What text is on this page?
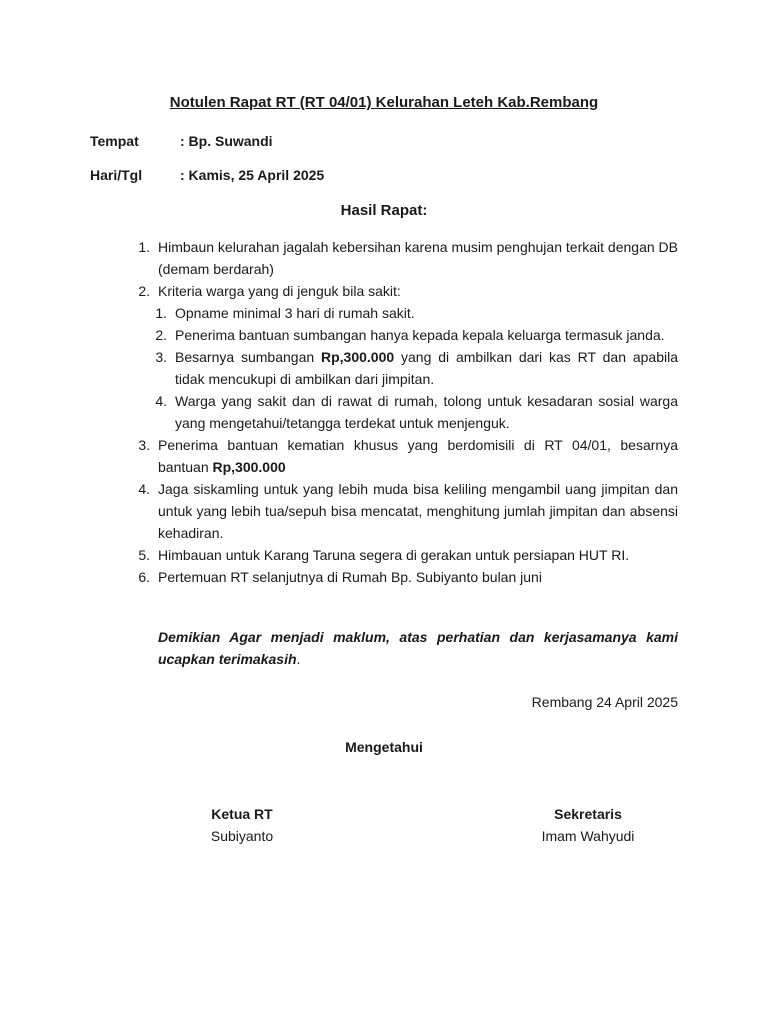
Notulen Rapat RT (RT 04/01) Kelurahan Leteh Kab.Rembang
Tempat	: Bp. Suwandi
Hari/Tgl	: Kamis, 25 April 2025
Hasil Rapat:
1. Himbaun kelurahan jagalah kebersihan karena musim penghujan terkait dengan DB (demam berdarah)
2. Kriteria warga yang di jenguk bila sakit:
1. Opname minimal 3 hari di rumah sakit.
2. Penerima bantuan sumbangan hanya kepada kepala keluarga termasuk janda.
3. Besarnya sumbangan Rp,300.000 yang di ambilkan dari kas RT dan apabila tidak mencukupi di ambilkan dari jimpitan.
4. Warga yang sakit dan di rawat di rumah, tolong untuk kesadaran sosial warga yang mengetahui/tetangga terdekat untuk menjenguk.
3. Penerima bantuan kematian khusus yang berdomisili di RT 04/01, besarnya bantuan Rp,300.000
4. Jaga siskamling untuk yang lebih muda bisa keliling mengambil uang jimpitan dan untuk yang lebih tua/sepuh bisa mencatat, menghitung jumlah jimpitan dan absensi kehadiran.
5. Himbauan untuk Karang Taruna segera di gerakan untuk persiapan HUT RI.
6. Pertemuan RT selanjutnya di Rumah Bp. Subiyanto bulan juni
Demikian Agar menjadi maklum, atas perhatian dan kerjasamanya kami ucapkan terimakasih.
Rembang 24 April 2025
Mengetahui
Ketua RT
Subiyanto
Sekretaris
Imam Wahyudi
